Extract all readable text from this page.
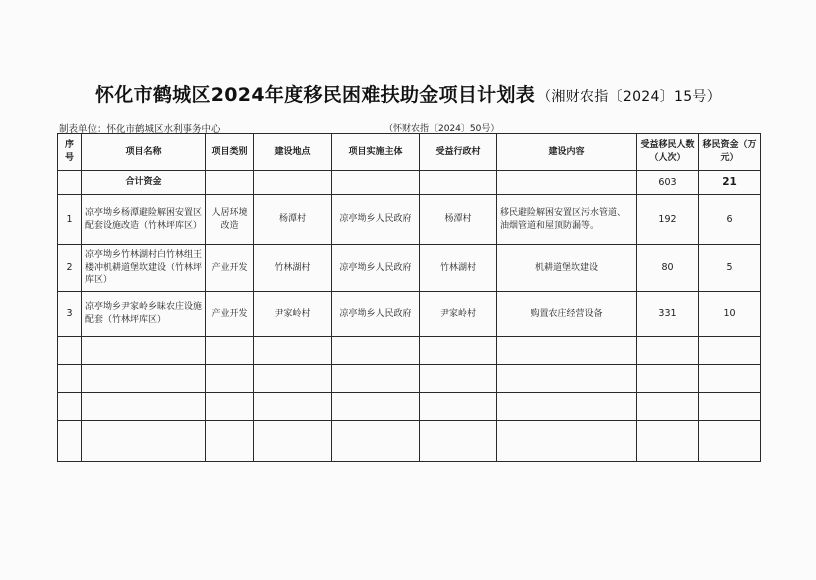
怀化市鹤城区2024年度移民困难扶助金项目计划表 （湘财农指〔2024〕15号）
制表单位：怀化市鹤城区水利事务中心	（怀财农指〔2024〕50号）
序号	项目名称	项目类别	建设地点	项目实施主体	受益行政村	建设内容	受益移民人数（人次）	移民资金（万元）
	合计资金						603	21
1	凉亭坳乡杨潭避险解困安置区配套设施改造（竹林坪库区）	人居环境改造	杨潭村	凉亭坳乡人民政府	杨潭村	移民避险解困安置区污水管道、油烟管道和屋顶防漏等。	192	6
2	凉亭坳乡竹林湖村白竹林组王楼冲机耕道堡坎建设（竹林坪库区）	产业开发	竹林湖村	凉亭坳乡人民政府	竹林湖村	机耕道堡坎建设	80	5
3	凉亭坳乡尹家岭乡昧农庄设施配套（竹林坪库区）	产业开发	尹家岭村	凉亭坳乡人民政府	尹家岭村	购置农庄经营设备	331	10
